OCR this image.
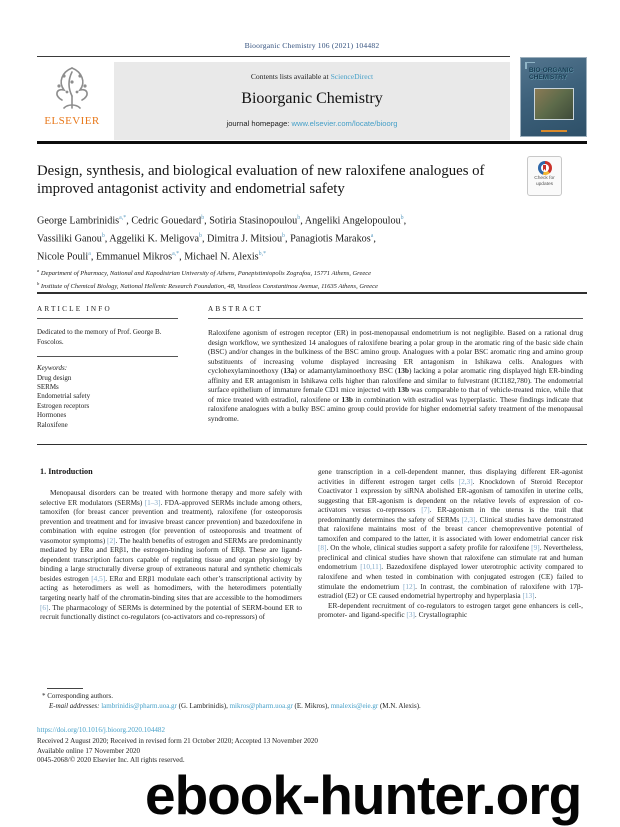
Bioorganic Chemistry 106 (2021) 104482
ELSEVIER
Contents lists available at ScienceDirect
Bioorganic Chemistry
journal homepage: www.elsevier.com/locate/bioorg
BIO-ORGANIC
CHEMISTRY
Design, synthesis, and biological evaluation of new raloxifene analogues of improved antagonist activity and endometrial safety
Check for
updates
George Lambrinidis$^{a,*}$, Cedric Gouedard$^b$, Sotiria Stasinopoulou$^b$, Angeliki Angelopoulou$^b$,
Vassiliki Ganou$^b$, Aggeliki K. Meligova$^b$, Dimitra J. Mitsiou$^b$, Panagiotis Marakos$^a$,
Nicole Pouli$^a$, Emmanuel Mikros$^{a,*}$, Michael N. Alexis$^{b,*}$
$^a$ Department of Pharmacy, National and Kapodistrian University of Athens, Panepistimiopolis Zografou, 15771 Athens, Greece
$^b$ Institute of Chemical Biology, National Hellenic Research Foundation, 48, Vassileos Constantinou Avenue, 11635 Athens, Greece
ARTICLE INFO
Dedicated to the memory of Prof. George B. Foscolos.
Keywords:
Drug design
SERMs
Endometrial safety
Estrogen receptors
Hormones
Raloxifene
ABSTRACT

Raloxifene agonism of estrogen receptor (ER) in post-menopausal endometrium is not negligible. Based on a rational drug design workflow, we synthesized 14 analogues of raloxifene bearing a polar group in the aromatic ring of the basic side chain (BSC) and/or changes in the bulkiness of the BSC amino group. Analogues with a polar BSC aromatic ring and amino group substituents of increasing volume displayed increasing ER antagonism in Ishikawa cells. Analogues with cyclohexylaminoethoxy (13a) or adamantylaminoethoxy BSC (13b) lacking a polar aromatic ring displayed high ER-binding affinity and ER antagonism in Ishikawa cells higher than raloxifene and similar to fulvestrant (ICI182,780). The endometrial surface epithelium of immature female CD1 mice injected with 13b was comparable to that of vehicle-treated mice, while that of mice treated with estradiol, raloxifene or 13b in combination with estradiol was hyperplastic. These findings indicate that raloxifene analogues with a bulky BSC amino group could provide for higher endometrial safety treatment of the menopausal syndrome.

1. Introduction

Menopausal disorders can be treated with hormone therapy and more safely with selective ER modulators (SERMs) [1–3]. FDA-approved SERMs include among others, tamoxifen (for breast cancer prevention and treatment), raloxifene (for osteoporosis prevention and treatment and for invasive breast cancer prevention) and bazedoxifene in combination with equine estrogen (for prevention of osteoporosis and treatment of vasomotor symptoms) [2]. The health benefits of estrogen and SERMs are predominantly mediated by ERα and ERβ1, the estrogen-binding isoform of ERβ. These are ligand-dependent transcription factors capable of regulating tissue and organ physiology by binding a large structurally diverse group of extraneous natural and synthetic chemicals besides estrogen [4,5]. ERα and ERβ1 modulate each other’s transcriptional activity by acting as heterodimers as well as homodimers, with the heterodimers potentially targeting nearly half of the chromatin-binding sites that are accessible to the homodimers [6]. The pharmacology of SERMs is determined by the potential of SERM-bound ER to recruit functionally distinct co-regulators (co-activators and co-repressors) of

gene transcription in a cell-dependent manner, thus displaying different ER-agonist activities in different estrogen target cells [2,3]. Knockdown of Steroid Receptor Coactivator 1 expression by siRNA abolished ER-agonism of tamoxifen in uterine cells, suggesting that ER-agonism is dependent on the relative levels of expression of co-activators versus co-repressors [7]. ER-agonism in the uterus is the trait that predominantly determines the safety of SERMs [2,3]. Clinical studies have demonstrated that raloxifene maintains most of the breast cancer chemopreventive potential of tamoxifen and compared to the latter, it is associated with lower endometrial cancer risk [8]. On the whole, clinical studies support a safety profile for raloxifene [9]. Nevertheless, preclinical and clinical studies have shown that raloxifene can stimulate rat and human endometrium [10,11]. Bazedoxifene displayed lower uterotrophic activity compared to raloxifene and when tested in combination with conjugated estrogen (CE) failed to stimulate the endometrium [12]. In contrast, the combination of raloxifene with 17β-estradiol (E2) or CE caused endometrial hypertrophy and hyperplasia [13].

ER-dependent recruitment of co-regulators to estrogen target gene enhancers is cell-, promoter- and ligand-specific [3]. Crystallographic

* Corresponding authors.
E-mail addresses: lambrinidis@pharm.uoa.gr (G. Lambrinidis), mikros@pharm.uoa.gr (E. Mikros), mnalexis@eie.gr (M.N. Alexis).
https://doi.org/10.1016/j.bioorg.2020.104482
Received 2 August 2020; Received in revised form 21 October 2020; Accepted 13 November 2020
Available online 17 November 2020
0045-2068/© 2020 Elsevier Inc. All rights reserved.
ebook-hunter.org
